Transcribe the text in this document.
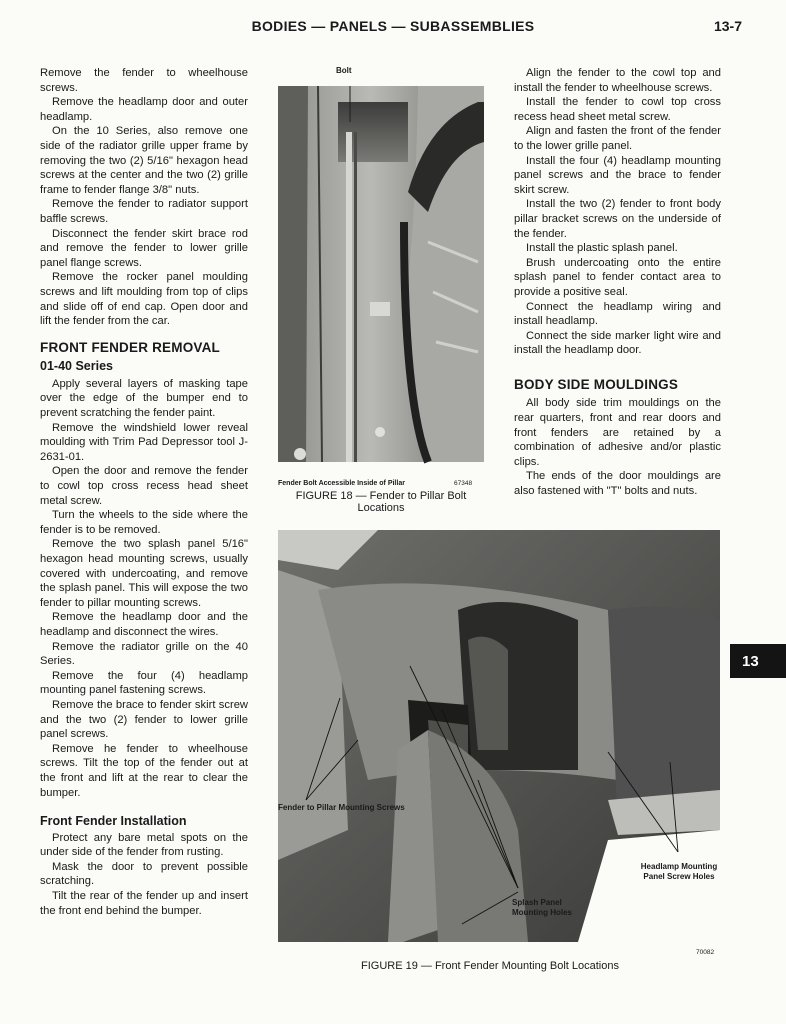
BODIES — PANELS — SUBASSEMBLIES	13-7

Remove the fender to wheelhouse screws.

Remove the headlamp door and outer headlamp.

On the 10 Series, also remove one side of the radiator grille upper frame by removing the two (2) 5/16" hexagon head screws at the center and the two (2) grille frame to fender flange 3/8" nuts.

Remove the fender to radiator support baffle screws.

Disconnect the fender skirt brace rod and remove the fender to lower grille panel flange screws.

Remove the rocker panel moulding screws and lift moulding from top of clips and slide off of end cap. Open door and lift the fender from the car.

FRONT FENDER REMOVAL
01-40 Series

Apply several layers of masking tape over the edge of the bumper end to prevent scratching the fender paint.

Remove the windshield lower reveal moulding with Trim Pad Depressor tool J-2631-01.

Open the door and remove the fender to cowl top cross recess head sheet metal screw.

Turn the wheels to the side where the fender is to be removed.

Remove the two splash panel 5/16" hexagon head mounting screws, usually covered with undercoating, and remove the splash panel. This will expose the two fender to pillar mounting screws.

Remove the headlamp door and the headlamp and disconnect the wires.

Remove the radiator grille on the 40 Series.

Remove the four (4) headlamp mounting panel fastening screws.

Remove the brace to fender skirt screw and the two (2) fender to lower grille panel screws.

Remove he fender to wheelhouse screws. Tilt the top of the fender out at the front and lift at the rear to clear the bumper.

Front Fender Installation

Protect any bare metal spots on the under side of the fender from rusting.

Mask the door to prevent possible scratching.

Tilt the rear of the fender up and insert the front end behind the bumper.

Bolt
Fender Bolt Accessible Inside of Pillar	67348
FIGURE 18 — Fender to Pillar Bolt Locations

Align the fender to the cowl top and install the fender to wheelhouse screws.

Install the fender to cowl top cross recess head sheet metal screw.

Align and fasten the front of the fender to the lower grille panel.

Install the four (4) headlamp mounting panel screws and the brace to fender skirt screw.

Install the two (2) fender to front body pillar bracket screws on the underside of the fender.

Install the plastic splash panel.

Brush undercoating onto the entire splash panel to fender contact area to provide a positive seal.

Connect the headlamp wiring and install headlamp.

Connect the side marker light wire and install the headlamp door.

BODY SIDE MOULDINGS

All body side trim mouldings on the rear quarters, front and rear doors and front fenders are retained by a combination of adhesive and/or plastic clips.

The ends of the door mouldings are also fastened with "T" bolts and nuts.

Fender to Pillar Mounting Screws
Headlamp Mounting Panel Screw Holes
Splash Panel Mounting Holes
70082
FIGURE 19 — Front Fender Mounting Bolt Locations
13
